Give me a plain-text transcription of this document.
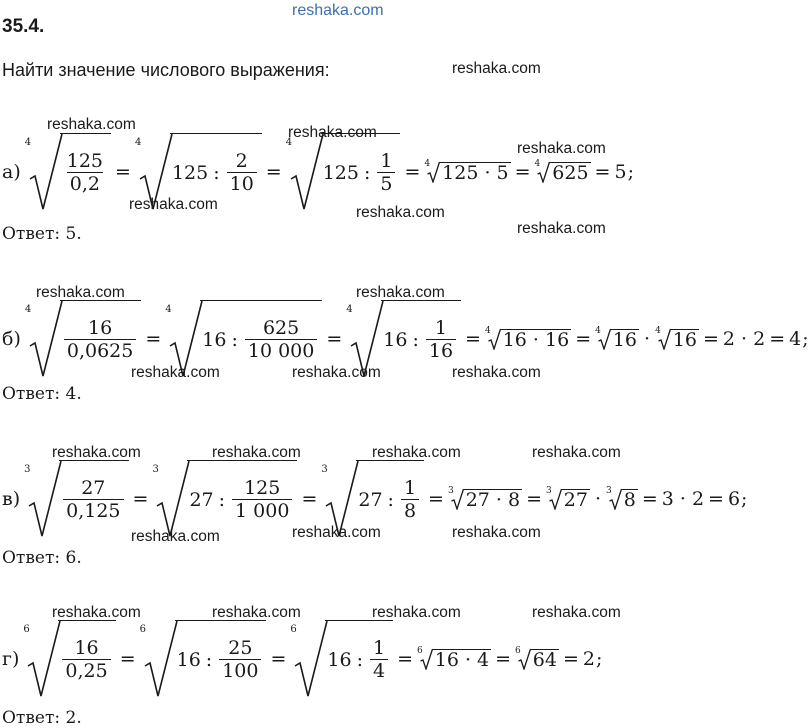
reshaka.com
reshaka.com
reshaka.com	reshaka.com
reshaka.com
reshaka.com	reshaka.com
reshaka.com
reshaka.com	reshaka.com
reshaka.com	reshaka.com	reshaka.com
reshaka.com	reshaka.com	reshaka.com	reshaka.com
reshaka.com	reshaka.com	reshaka.com
reshaka.com	reshaka.com	reshaka.com	reshaka.com
35.4.
Найти значение числового выражения:
а)
4
$\frac{125}{0,2}$ =
4
125 : $\frac{2}{10}$ =
4
125 : $\frac{1}{5} = 4$ 125 · 5 = 4 625 = 5 ;
Ответ: 5.
б)
4
$\frac{16}{0,0625}$ =
4
16 : $\frac{625}{10 000}$ =
4
16 : $\frac{1}{16} = 4$ 16 · 16 = 4 16 · 4 16 = 2 · 2 = 4 ;
Ответ: 4.
в)
3
$\frac{27}{0,125}$ =
3
27 : $\frac{125}{1 000}$ =
3
27 : $\frac{1}{8} = 3$ 27 · 8 = 3 27 · 3 8 = 3 · 2 = 6 ;
Ответ: 6.
г)
6
$\frac{16}{0,25}$ =
6
16 : $\frac{25}{100}$ =
6
16 : $\frac{1}{4} = 6$ 16 · 4 = 6 64 = 2 ;
Ответ: 2.
